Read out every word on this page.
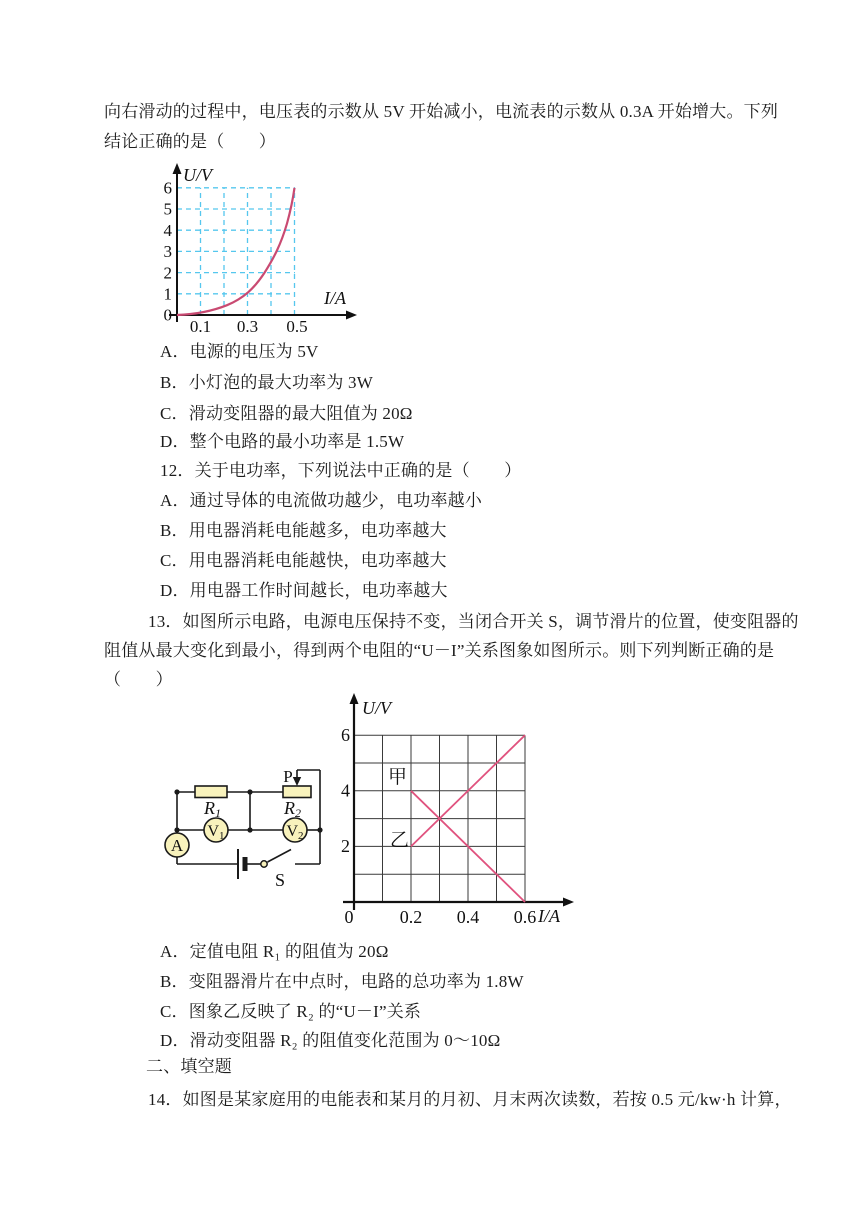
向右滑动的过程中，电压表的示数从 5V 开始减小，电流表的示数从 0.3A 开始增大。下列
结论正确的是（　　）
U/V
I/A
0
1
2
3
4
5
6
0.1 0.3 0.5
A．电源的电压为 5V
B．小灯泡的最大功率为 3W
C．滑动变阻器的最大阻值为 20Ω
D．整个电路的最小功率是 1.5W
12．关于电功率，下列说法中正确的是（　　）
A．通过导体的电流做功越少，电功率越小
B．用电器消耗电能越多，电功率越大
C．用电器消耗电能越快，电功率越大
D．用电器工作时间越长，电功率越大
13．如图所示电路，电源电压保持不变，当闭合开关 S，调节滑片的位置，使变阻器的
阻值从最大变化到最小，得到两个电阻的“U－I”关系图象如图所示。则下列判断正确的是
（　　）
A
V1	V2
R1	R2
P
S
U/V
I/A
甲
乙
6
4
2
0	0.2 0.4 0.6
A．定值电阻 R₁ 的阻值为 20Ω
B．变阻器滑片在中点时，电路的总功率为 1.8W
C．图象乙反映了 R₂ 的“U－I”关系
D．滑动变阻器 R₂ 的阻值变化范围为 0～10Ω
二、填空题
14．如图是某家庭用的电能表和某月的月初、月末两次读数，若按 0.5 元/kw·h 计算，
